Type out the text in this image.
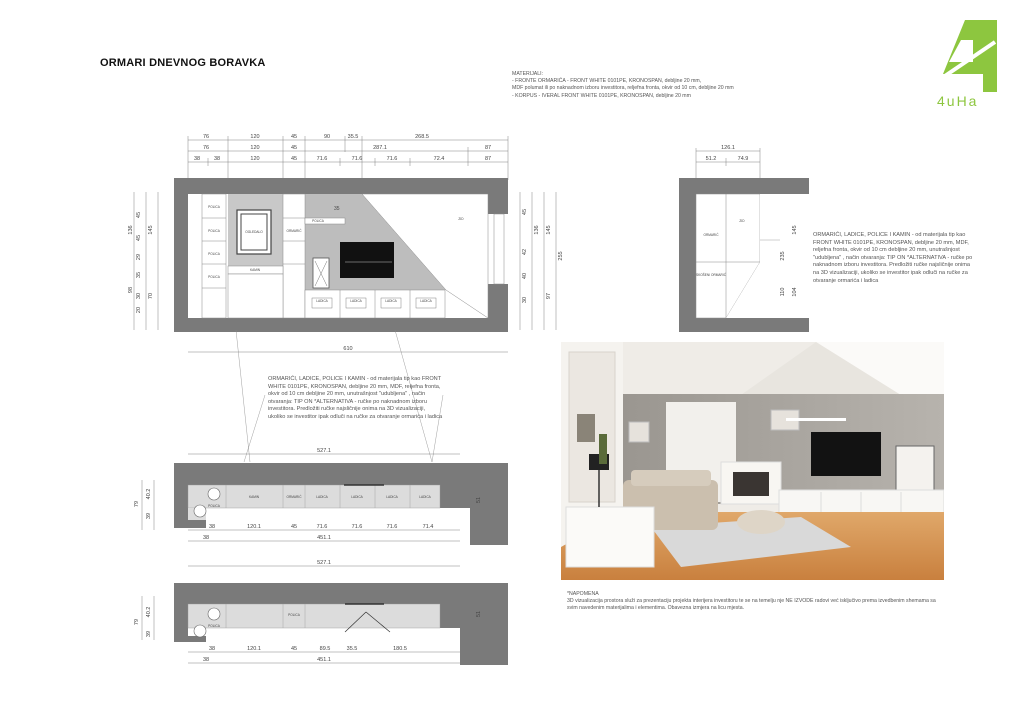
ORMARI DNEVNOG BORAVKA
4uHa
MATERIJALI:
- FRONTE ORMARIĆA - FRONT WHITE 0101PE, KRONOSPAN, debljine 20 mm,
MDF polumat ili po naknadnom izboru investitora, reljefna fronta, okvir od 10 cm, debljine 20 mm
- KORPUS - IVERAL FRONT WHITE 0101PE, KRONOSPAN, debljine 20 mm
76	120	45	90	35.5	268.5
76	120	45	287.1	87
38	38	120	45	71.6	71.6	71.6	72.4	87
610
45
45
29
35
30
20
136	145
98
70
45
42
40
30
136 145
255
97
POLICA
POLICA
POLICA
POLICA
ORMARIĆ
POLICA
OGLEDALO
KAMIN
LADICA	LADICA	LADICA	LADICA
ZID
35
126.1
51.2	74.9
235
145
110 104
ORMARIĆ
SKOŠENI ORMARIĆ
ZID
POLICA
KAMIN	ORMARIĆ	LADICA	LADICA	LADICA	LADICA
527.1
38	120.1	45	71.6	71.6	71.6	71.4
38	451.1
40.2
39
79
51
POLICA
POLICA
527.1
38	120.1	45	89.5	35.5	180.5
38	451.1
40.2
39
79
51
ORMARIĆI, LADICE, POLICE I KAMIN - od materijala tip kao FRONT WHITE 0101PE, KRONOSPAN, debljine 20 mm, MDF, reljefna fronta, okvir od 10 cm debljine 20 mm, unutrašnjost "udubljena" , način otvaranja: TIP ON *ALTERNATIVA - ručke po naknadnom izboru investitora. Predložiti ručke najsličnije onima na 3D vizualizaciji, ukoliko se investitor ipak odluči na ručke za otvaranje ormarića i ladica
ORMARIĆI, LADICE, POLICE I KAMIN - od materijala tip kao FRONT WHITE 0101PE, KRONOSPAN, debljine 20 mm, MDF, reljefna fronta, okvir od 10 cm debljine 20 mm, unutrašnjost "udubljena" , način otvaranja: TIP ON *ALTERNATIVA - ručke po naknadnom izboru investitora. Predložiti ručke najsličnije onima na 3D vizualizaciji, ukoliko se investitor ipak odluči na ručke za otvaranje ormarića i ladica
*NAPOMENA
3D vizualizacija prostora služi za prezentaciju projekta interijera investitoru te se na temelju nje NE IZVODE radovi već isključivo prema izvedbenim shemama sa svim navedenim materijalima i elementima. Obavezna izmjera na licu mjesta.
